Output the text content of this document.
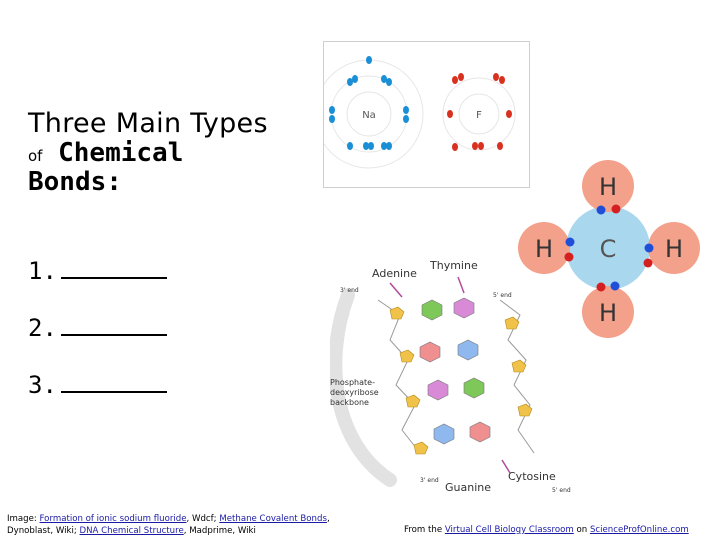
Three Main Types
of Chemical
Bonds:
1.
2.
3.
Na	F
H
H
H	H
C
Adenine
Thymine
3' end
5' end
Phosphate-
deoxyribose
backbone
3' end	Cytosine
Guanine	5' end
Image: Formation of ionic sodium fluoride, Wdcf; Methane Covalent Bonds, Dynoblast, Wiki; DNA Chemical Structure, Madprime, Wiki	From the Virtual Cell Biology Classroom on ScienceProfOnline.com
